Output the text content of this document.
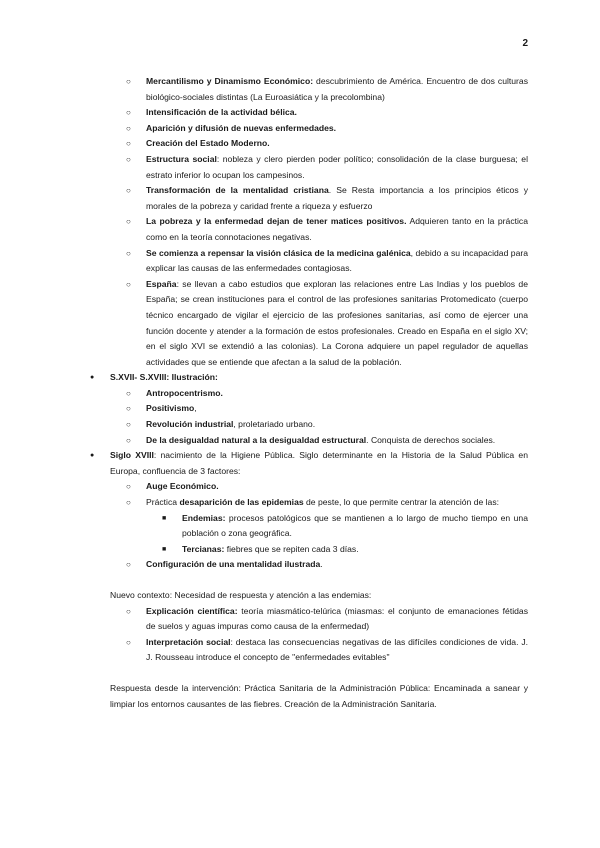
2
○ Mercantilismo y Dinamismo Económico: descubrimiento de América. Encuentro de dos culturas biológico-sociales distintas (La Euroasiática y la precolombina)
○ Intensificación de la actividad bélica.
○ Aparición y difusión de nuevas enfermedades.
○ Creación del Estado Moderno.
○ Estructura social: nobleza y clero pierden poder político; consolidación de la clase burguesa; el estrato inferior lo ocupan los campesinos.
○ Transformación de la mentalidad cristiana. Se Resta importancia a los principios éticos y morales de la pobreza y caridad frente a riqueza y esfuerzo
○ La pobreza y la enfermedad dejan de tener matices positivos. Adquieren tanto en la práctica como en la teoría connotaciones negativas.
○ Se comienza a repensar la visión clásica de la medicina galénica, debido a su incapacidad para explicar las causas de las enfermedades contagiosas.
○ España: se llevan a cabo estudios que exploran las relaciones entre Las Indias y los pueblos de España; se crean instituciones para el control de las profesiones sanitarias Protomedicato (cuerpo técnico encargado de vigilar el ejercicio de las profesiones sanitarias, así como de ejercer una función docente y atender a la formación de estos profesionales. Creado en España en el siglo XV; en el siglo XVI se extendió a las colonias). La Corona adquiere un papel regulador de aquellas actividades que se entiende que afectan a la salud de la población.
● S.XVII- S.XVIII: Ilustración:
○ Antropocentrismo.
○ Positivismo,
○ Revolución industrial, proletariado urbano.
○ De la desigualdad natural a la desigualdad estructural. Conquista de derechos sociales.
● Siglo XVIII: nacimiento de la Higiene Pública. Siglo determinante en la Historia de la Salud Pública en Europa, confluencia de 3 factores:
○ Auge Económico.
○ Práctica desaparición de las epidemias de peste, lo que permite centrar la atención de las:
■ Endemias: procesos patológicos que se mantienen a lo largo de mucho tiempo en una población o zona geográfica.
■ Tercianas: fiebres que se repiten cada 3 días.
○ Configuración de una mentalidad ilustrada.
Nuevo contexto: Necesidad de respuesta y atención a las endemias:
○ Explicación científica: teoría miasmático-telúrica (miasmas: el conjunto de emanaciones fétidas de suelos y aguas impuras como causa de la enfermedad)
○ Interpretación social: destaca las consecuencias negativas de las difíciles condiciones de vida. J. J. Rousseau introduce el concepto de "enfermedades evitables"
Respuesta desde la intervención: Práctica Sanitaria de la Administración Pública: Encaminada a sanear y limpiar los entornos causantes de las fiebres. Creación de la Administración Sanitaria.
